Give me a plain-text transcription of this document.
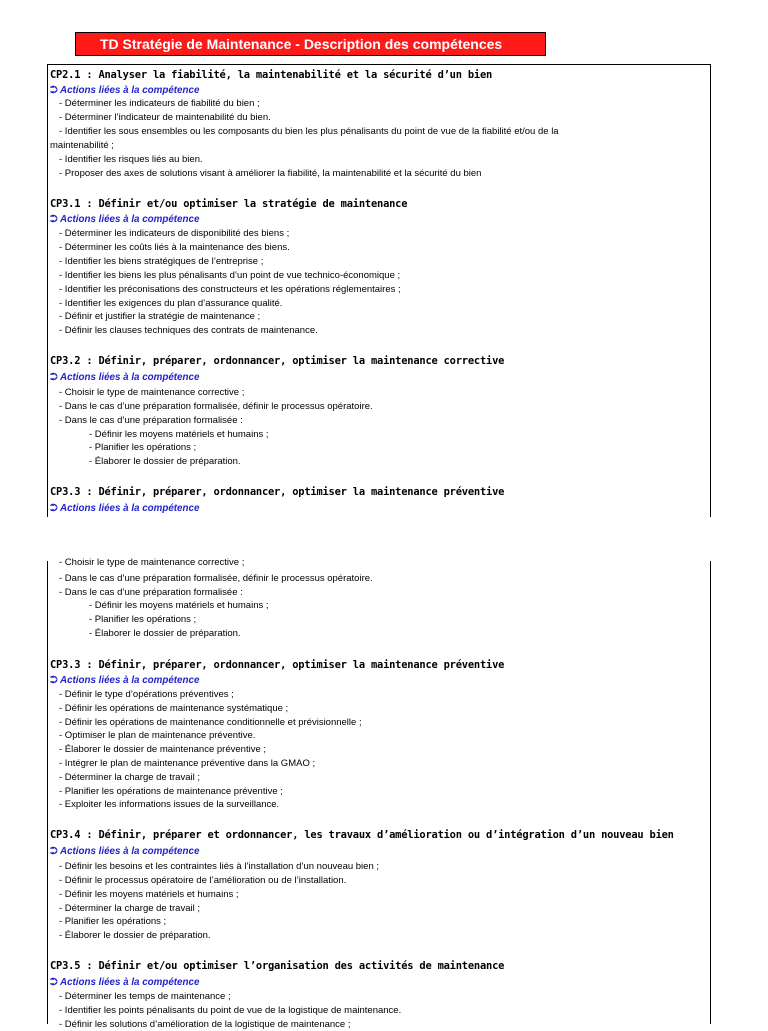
TD Stratégie de Maintenance - Description des compétences
CP2.1 : Analyser la fiabilité, la maintenabilité et la sécurité d’un bien
⮊ Actions liées à la compétence
- Déterminer les indicateurs de fiabilité du bien ;
- Déterminer l’indicateur de maintenabilité du bien.
- Identifier les sous ensembles ou les composants du bien les plus pénalisants du point de vue de la fiabilité et/ou de la
maintenabilité ;
- Identifier les risques liés au bien.
- Proposer des axes de solutions visant à améliorer la fiabilité, la maintenabilité et la sécurité du bien
CP3.1 : Définir et/ou optimiser la stratégie de maintenance
⮊ Actions liées à la compétence
- Déterminer les indicateurs de disponibilité des biens ;
- Déterminer les coûts liés à la maintenance des biens.
- Identifier les biens stratégiques de l’entreprise ;
- Identifier les biens les plus pénalisants d’un point de vue technico-économique ;
- Identifier les préconisations des constructeurs et les opérations réglementaires ;
- Identifier les exigences du plan d’assurance qualité.
- Définir et justifier la stratégie de maintenance ;
- Définir les clauses techniques des contrats de maintenance.
CP3.2 : Définir, préparer, ordonnancer, optimiser la maintenance corrective
⮊ Actions liées à la compétence
- Choisir le type de maintenance corrective ;
- Dans le cas d’une préparation formalisée, définir le processus opératoire.
- Dans le cas d’une préparation formalisée :
- Définir les moyens matériels et humains ;
- Planifier les opérations ;
- Élaborer le dossier de préparation.
CP3.3 : Définir, préparer, ordonnancer, optimiser la maintenance préventive
⮊ Actions liées à la compétence
- Choisir le type de maintenance corrective ;
- Dans le cas d’une préparation formalisée, définir le processus opératoire.
- Dans le cas d’une préparation formalisée :
- Définir les moyens matériels et humains ;
- Planifier les opérations ;
- Élaborer le dossier de préparation.
CP3.3 : Définir, préparer, ordonnancer, optimiser la maintenance préventive
⮊ Actions liées à la compétence
- Définir le type d’opérations préventives ;
- Définir les opérations de maintenance systématique ;
- Définir les opérations de maintenance conditionnelle et prévisionnelle ;
- Optimiser le plan de maintenance préventive.
- Élaborer le dossier de maintenance préventive ;
- Intégrer le plan de maintenance préventive dans la GMAO ;
- Déterminer la charge de travail ;
- Planifier les opérations de maintenance préventive ;
- Exploiter les informations issues de la surveillance.
CP3.4 : Définir, préparer et ordonnancer, les travaux d’amélioration ou d’intégration d’un nouveau bien
⮊ Actions liées à la compétence
- Définir les besoins et les contraintes liés à l’installation d’un nouveau bien ;
- Définir le processus opératoire de l’amélioration ou de l’installation.
- Définir les moyens matériels et humains ;
- Déterminer la charge de travail ;
- Planifier les opérations ;
- Élaborer le dossier de préparation.
CP3.5 : Définir et/ou optimiser l’organisation des activités de maintenance
⮊ Actions liées à la compétence
- Déterminer les temps de maintenance ;
- Identifier les points pénalisants du point de vue de la logistique de maintenance.
- Définir les solutions d’amélioration de la logistique de maintenance ;
